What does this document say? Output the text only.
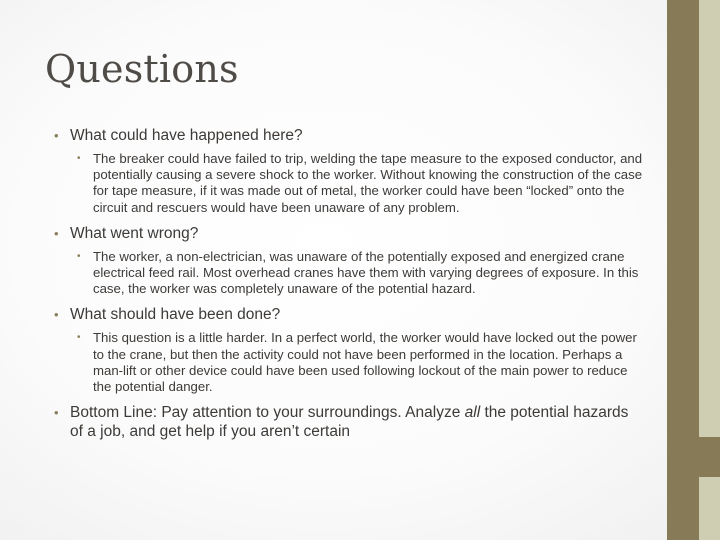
Questions
• What could have happened here?
• The breaker could have failed to trip, welding the tape measure to the exposed conductor, and potentially causing a severe shock to the worker. Without knowing the construction of the case for tape measure, if it was made out of metal, the worker could have been “locked” onto the circuit and rescuers would have been unaware of any problem.
• What went wrong?
• The worker, a non-electrician, was unaware of the potentially exposed and energized crane electrical feed rail. Most overhead cranes have them with varying degrees of exposure. In this case, the worker was completely unaware of the potential hazard.
• What should have been done?
• This question is a little harder. In a perfect world, the worker would have locked out the power to the crane, but then the activity could not have been performed in the location. Perhaps a man-lift or other device could have been used following lockout of the main power to reduce the potential danger.
• Bottom Line: Pay attention to your surroundings. Analyze all the potential hazards of a job, and get help if you aren’t certain
